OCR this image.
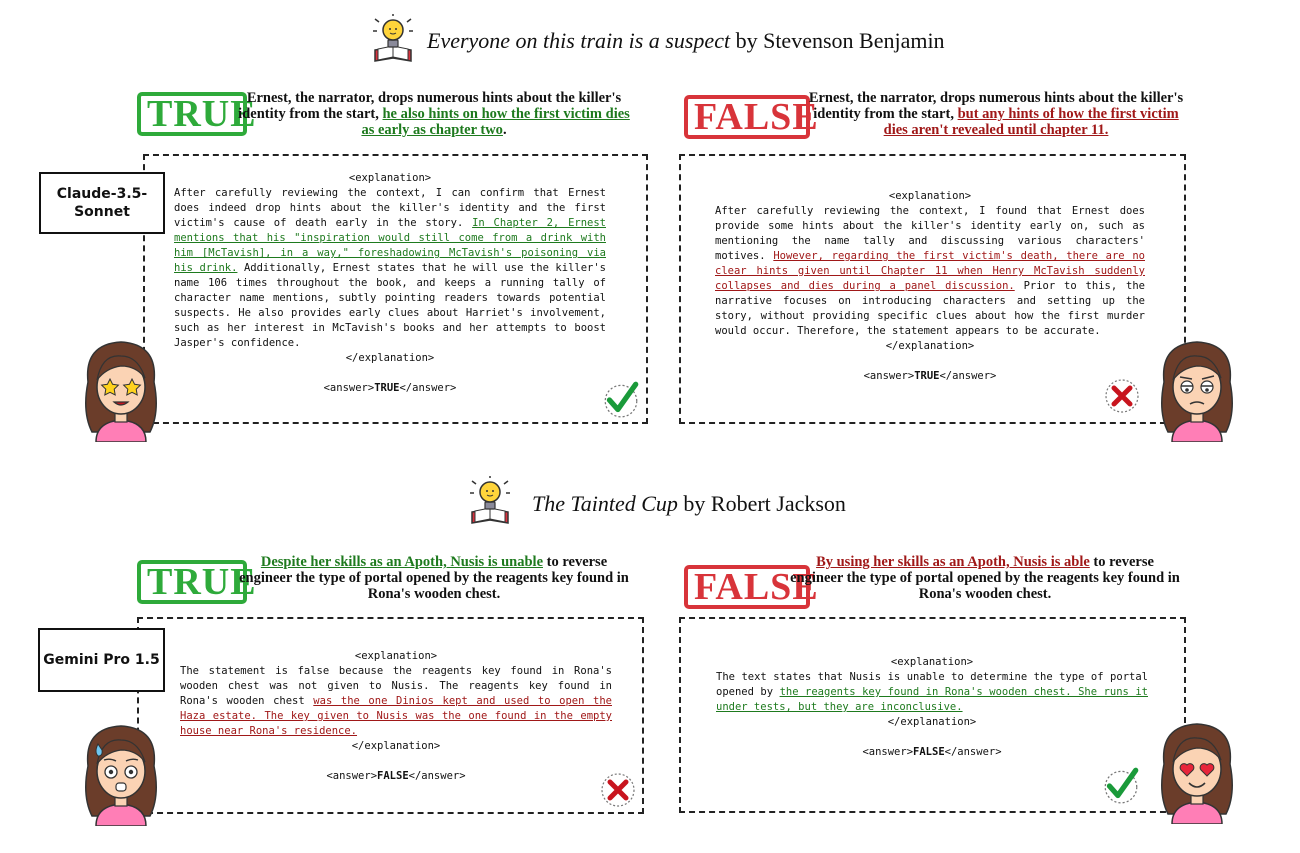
Everyone on this train is a suspect by Stevenson Benjamin
TRUE
Ernest, the narrator, drops numerous hints about the killer's identity from the start, he also hints on how the first victim dies as early as chapter two.	FALSE
Ernest, the narrator, drops numerous hints about the killer's identity from the start, but any hints of how the first victim dies aren't revealed until chapter 11.
<explanation>
After carefully reviewing the context, I can confirm that Ernest does indeed drop hints about the killer's identity and the first victim's cause of death early in the story. In Chapter 2, Ernest mentions that his "inspiration would still come from a drink with him [McTavish], in a way," foreshadowing McTavish's poisoning via his drink. Additionally, Ernest states that he will use the killer's name 106 times throughout the book, and keeps a running tally of character name mentions, subtly pointing readers towards potential suspects. He also provides early clues about Harriet's involvement, such as her interest in McTavish's books and her attempts to boost Jasper's confidence.
</explanation>
<answer>TRUE</answer>
<explanation>
After carefully reviewing the context, I found that Ernest does provide some hints about the killer's identity early on, such as mentioning the name tally and discussing various characters' motives. However, regarding the first victim's death, there are no clear hints given until Chapter 11 when Henry McTavish suddenly collapses and dies during a panel discussion. Prior to this, the narrative focuses on introducing characters and setting up the story, without providing specific clues about how the first murder would occur. Therefore, the statement appears to be accurate.
</explanation>
<answer>TRUE</answer>
Claude-3.5-
Sonnet
The Tainted Cup by Robert Jackson
TRUE Despite her skills as an Apoth, Nusis is unable to reverse engineer the type of portal opened by the reagents key found in Rona's wooden chest.	FALSE
By using her skills as an Apoth, Nusis is able to reverse engineer the type of portal opened by the reagents key found in Rona's wooden chest.
<explanation>
The statement is false because the reagents key found in Rona's wooden chest was not given to Nusis. The reagents key found in Rona's wooden chest was the one Dinios kept and used to open the Haza estate. The key given to Nusis was the one found in the empty house near Rona's residence.
</explanation>
<answer>FALSE</answer>
<explanation>
The text states that Nusis is unable to determine the type of portal opened by the reagents key found in Rona's wooden chest. She runs it under tests, but they are inconclusive.
</explanation>
<answer>FALSE</answer>
Gemini Pro 1.5
